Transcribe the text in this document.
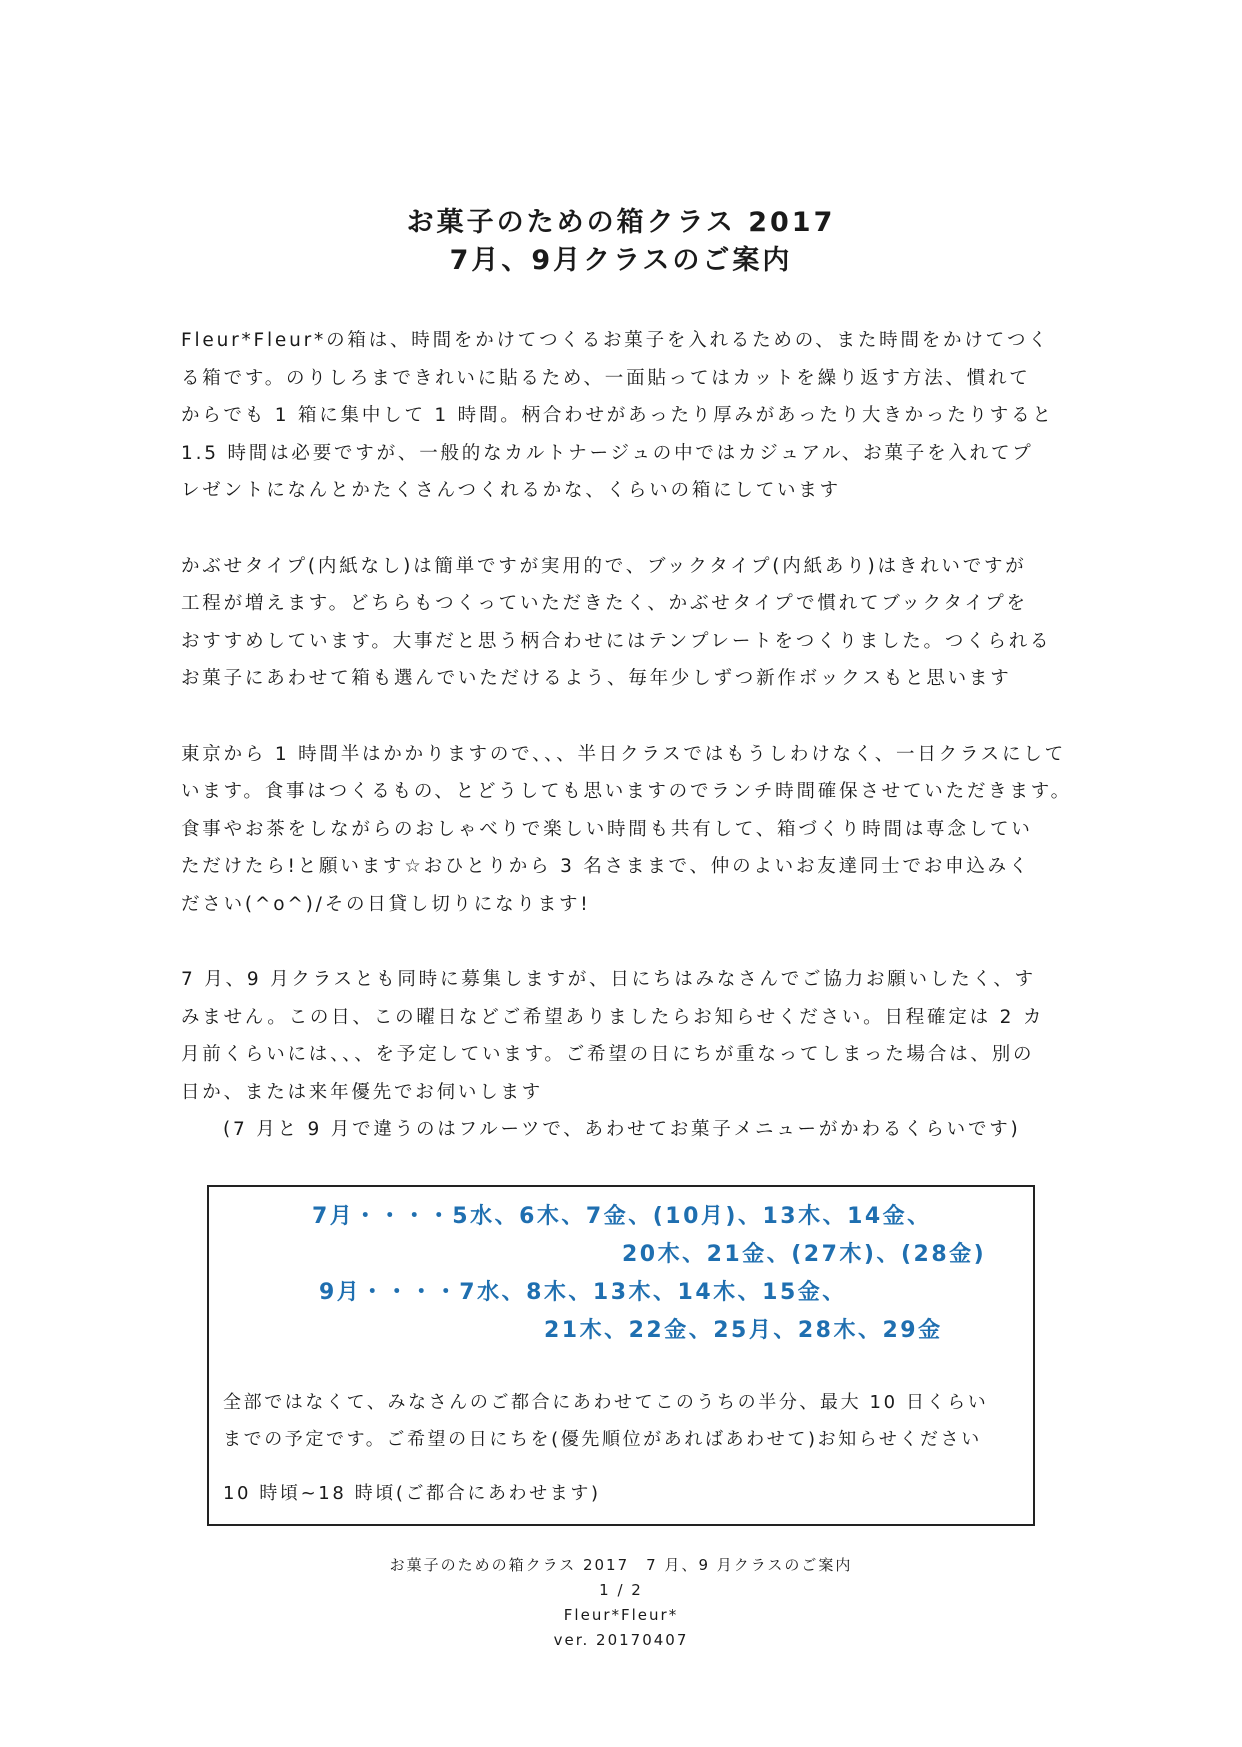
お菓子のための箱クラス 2017
7月、9月クラスのご案内

Fleur*Fleur*の箱は、時間をかけてつくるお菓子を入れるための、また時間をかけてつく
る箱です。のりしろまできれいに貼るため、一面貼ってはカットを繰り返す方法、慣れて
からでも 1 箱に集中して 1 時間。柄合わせがあったり厚みがあったり大きかったりすると
1.5 時間は必要ですが、一般的なカルトナージュの中ではカジュアル、お菓子を入れてプ
レゼントになんとかたくさんつくれるかな、くらいの箱にしています

かぶせタイプ(内紙なし)は簡単ですが実用的で、ブックタイプ(内紙あり)はきれいですが
工程が増えます。どちらもつくっていただきたく、かぶせタイプで慣れてブックタイプを
おすすめしています。大事だと思う柄合わせにはテンプレートをつくりました。つくられる
お菓子にあわせて箱も選んでいただけるよう、毎年少しずつ新作ボックスもと思います

東京から 1 時間半はかかりますので、、、半日クラスではもうしわけなく、一日クラスにして
います。食事はつくるもの、とどうしても思いますのでランチ時間確保させていただきます。
食事やお茶をしながらのおしゃべりで楽しい時間も共有して、箱づくり時間は専念してい
ただけたら!と願います☆おひとりから 3 名さままで、仲のよいお友達同士でお申込みく
ださい(^o^)/その日貸し切りになります!

7 月、9 月クラスとも同時に募集しますが、日にちはみなさんでご協力お願いしたく、す
みません。この日、この曜日などご希望ありましたらお知らせください。日程確定は 2 カ
月前くらいには、、、を予定しています。ご希望の日にちが重なってしまった場合は、別の
日か、または来年優先でお伺いします
(7 月と 9 月で違うのはフルーツで、あわせてお菓子メニューがかわるくらいです)

7月・・・・5水、6木、7金、(10月)、13木、14金、
20木、21金、(27木)、(28金)
9月・・・・7水、8木、13木、14木、15金、
21木、22金、25月、28木、29金
全部ではなくて、みなさんのご都合にあわせてこのうちの半分、最大 10 日くらい
までの予定です。ご希望の日にちを(優先順位があればあわせて)お知らせください
10 時頃~18 時頃(ご都合にあわせます)
お菓子のための箱クラス 2017　7 月、9 月クラスのご案内
1 / 2
Fleur*Fleur*
ver. 20170407
